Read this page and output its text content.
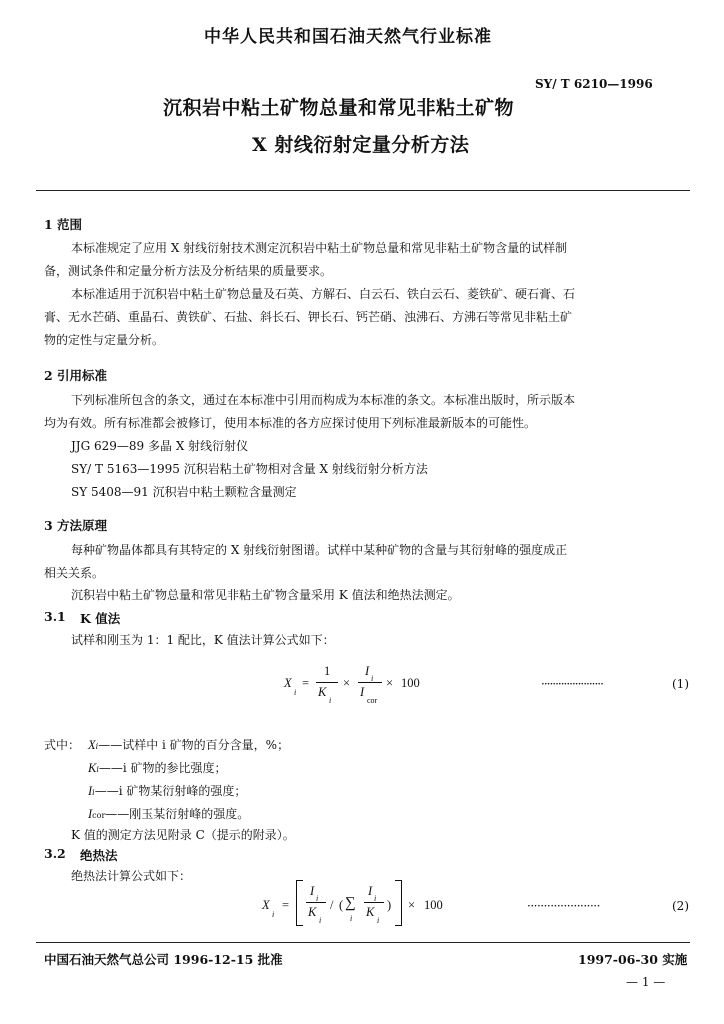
中华人民共和国石油天然气行业标准
SY/ T 6210—1996
沉积岩中粘土矿物总量和常见非粘土矿物
X 射线衍射定量分析方法
1 范围
本标准规定了应用 X 射线衍射技术测定沉积岩中粘土矿物总量和常见非粘土矿物含量的试样制
备，测试条件和定量分析方法及分析结果的质量要求。
本标准适用于沉积岩中粘土矿物总量及石英、方解石、白云石、铁白云石、菱铁矿、硬石膏、石
膏、无水芒硝、重晶石、黄铁矿、石盐、斜长石、钾长石、钙芒硝、浊沸石、方沸石等常见非粘土矿
物的定性与定量分析。
2 引用标准
下列标准所包含的条文，通过在本标准中引用而构成为本标准的条文。本标准出版时，所示版本
均为有效。所有标准都会被修订，使用本标准的各方应探讨使用下列标准最新版本的可能性。
JJG 629—89 多晶 X 射线衍射仪
SY/ T 5163—1995 沉积岩粘土矿物相对含量 X 射线衍射分析方法
SY 5408—91 沉积岩中粘土颗粒含量测定
3 方法原理
每种矿物晶体都具有其特定的 X 射线衍射图谱。试样中某种矿物的含量与其衍射峰的强度成正
相关关系。
沉积岩中粘土矿物总量和常见非粘土矿物含量采用 K 值法和绝热法测定。
3.1 K 值法
试样和刚玉为 1：1 配比，K 值法计算公式如下：
X
i
=
1
K
i
×
I
i
I
cor
× 100	······················	(1)
式中： Xi——试样中 i 矿物的百分含量，%；
Ki——i 矿物的参比强度；
Ii——i 矿物某衍射峰的强度；
Icor——刚玉某衍射峰的强度。
K 值的测定方法见附录 C（提示的附录）。
3.2 绝热法
绝热法计算公式如下：
X
i
=
I
i
K
i
/ ( ∑
i
I
i
K
i
) × 100	······················	(2)
中国石油天然气总公司 1996-12-15 批准	1997-06-30 实施
— 1 —
